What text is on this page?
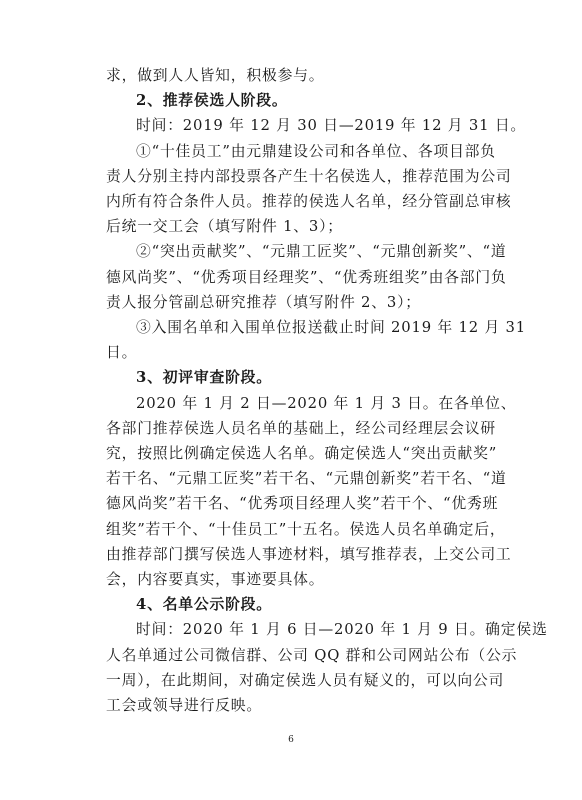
求，做到人人皆知，积极参与。
2、推荐侯选人阶段。
时间：2019 年 12 月 30 日—2019 年 12 月 31 日。
①“十佳员工”由元鼎建设公司和各单位、各项目部负
责人分别主持内部投票各产生十名侯选人，推荐范围为公司
内所有符合条件人员。推荐的侯选人名单，经分管副总审核
后统一交工会（填写附件 1、3）；
②“突出贡献奖”、“元鼎工匠奖”、“元鼎创新奖”、“道
德风尚奖”、“优秀项目经理奖”、“优秀班组奖”由各部门负
责人报分管副总研究推荐（填写附件 2、3）；
③入围名单和入围单位报送截止时间 2019 年 12 月 31
日。
3、初评审查阶段。
2020 年 1 月 2 日—2020 年 1 月 3 日。在各单位、
各部门推荐侯选人员名单的基础上，经公司经理层会议研
究，按照比例确定侯选人名单。确定侯选人“突出贡献奖”
若干名、“元鼎工匠奖”若干名、“元鼎创新奖”若干名、“道
德风尚奖”若干名、“优秀项目经理人奖”若干个、“优秀班
组奖”若干个、“十佳员工”十五名。侯选人员名单确定后，
由推荐部门撰写侯选人事迹材料，填写推荐表，上交公司工
会，内容要真实，事迹要具体。
4、名单公示阶段。
时间：2020 年 1 月 6 日—2020 年 1 月 9 日。确定侯选
人名单通过公司微信群、公司 QQ 群和公司网站公布（公示
一周），在此期间，对确定侯选人员有疑义的，可以向公司
工会或领导进行反映。
6
